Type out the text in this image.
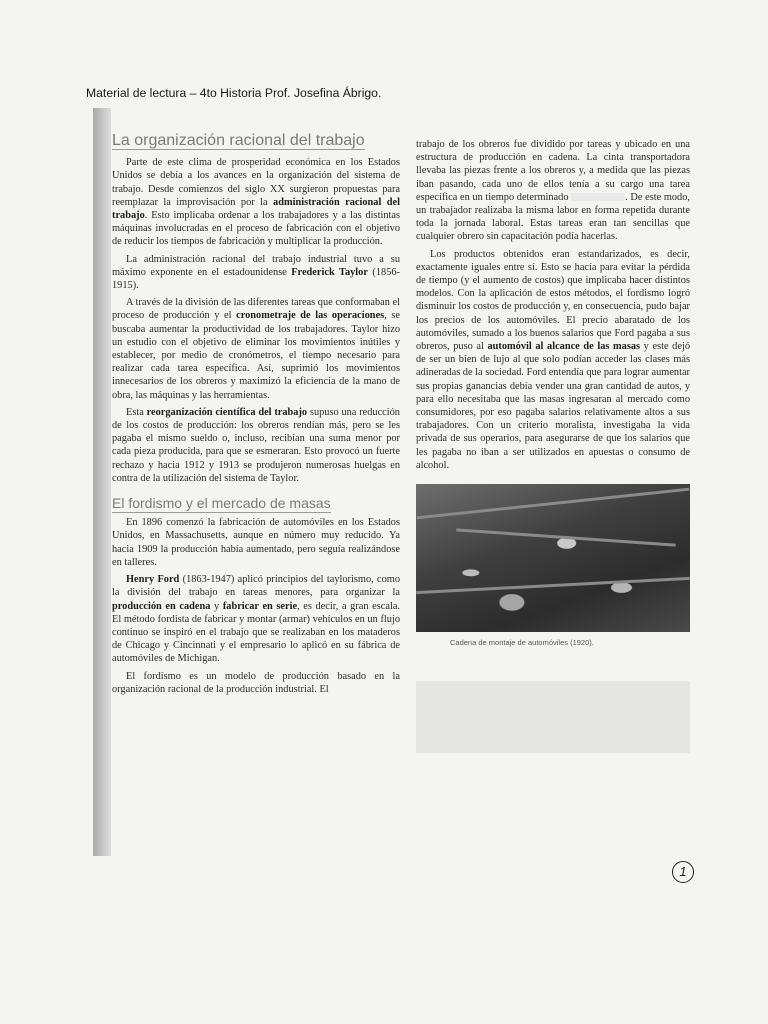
Material de lectura – 4to Historia Prof. Josefina Ábrigo.
La organización racional del trabajo

Parte de este clima de prosperidad económica en los Estados Unidos se debía a los avances en la organización del sistema de trabajo. Desde comienzos del siglo XX surgieron propuestas para reemplazar la improvisación por la administración racional del trabajo. Esto implicaba ordenar a los trabajadores y a las distintas máquinas involucradas en el proceso de fabricación con el objetivo de reducir los tiempos de fabricación y multiplicar la producción.

La administración racional del trabajo industrial tuvo a su máximo exponente en el estadounidense Frederick Taylor (1856-1915).

A través de la división de las diferentes tareas que conformaban el proceso de producción y el cronometraje de las operaciones, se buscaba aumentar la productividad de los trabajadores. Taylor hizo un estudio con el objetivo de eliminar los movimientos inútiles y establecer, por medio de cronómetros, el tiempo necesario para realizar cada tarea específica. Así, suprimió los movimientos innecesarios de los obreros y maximizó la eficiencia de la mano de obra, las máquinas y las herramientas.

Esta reorganización científica del trabajo supuso una reducción de los costos de producción: los obreros rendían más, pero se les pagaba el mismo sueldo o, incluso, recibían una suma menor por cada pieza producida, para que se esmeraran. Esto provocó un fuerte rechazo y hacia 1912 y 1913 se produjeron numerosas huelgas en contra de la utilización del sistema de Taylor.

El fordismo y el mercado de masas

En 1896 comenzó la fabricación de automóviles en los Estados Unidos, en Massachusetts, aunque en número muy reducido. Ya hacia 1909 la producción había aumentado, pero seguía realizándose en talleres.

Henry Ford (1863-1947) aplicó principios del taylorismo, como la división del trabajo en tareas menores, para organizar la producción en cadena y fabricar en serie, es decir, a gran escala. El método fordista de fabricar y montar (armar) vehículos en un flujo continuo se inspiró en el trabajo que se realizaban en los mataderos de Chicago y Cincinnati y el empresario lo aplicó en su fábrica de automóviles de Michigan.

El fordismo es un modelo de producción basado en la organización racional de la producción industrial. El

trabajo de los obreros fue dividido por tareas y ubicado en una estructura de producción en cadena. La cinta transportadora llevaba las piezas frente a los obreros y, a medida que las piezas iban pasando, cada uno de ellos tenía a su cargo una tarea específica en un tiempo determinado	. De este modo, un trabajador realizaba la misma labor en forma repetida durante toda la jornada laboral. Estas tareas eran tan sencillas que cualquier obrero sin capacitación podía hacerlas.

Los productos obtenidos eran estandarizados, es decir, exactamente iguales entre sí. Esto se hacía para evitar la pérdida de tiempo (y el aumento de costos) que implicaba hacer distintos modelos. Con la aplicación de estos métodos, el fordismo logró disminuir los costos de producción y, en consecuencia, pudo bajar los precios de los automóviles. El precio abaratado de los automóviles, sumado a los buenos salarios que Ford pagaba a sus obreros, puso al automóvil al alcance de las masas y este dejó de ser un bien de lujo al que solo podían acceder las clases más adineradas de la sociedad. Ford entendía que para lograr aumentar sus propias ganancias debía vender una gran cantidad de autos, y para ello necesitaba que las masas ingresaran al mercado como consumidores, por eso pagaba salarios relativamente altos a sus trabajadores. Con un criterio moralista, investigaba la vida privada de sus operarios, para asegurarse de que los salarios que les pagaba no iban a ser utilizados en apuestas o consumo de alcohol.

Cadena de montaje de automóviles (1920).
1
